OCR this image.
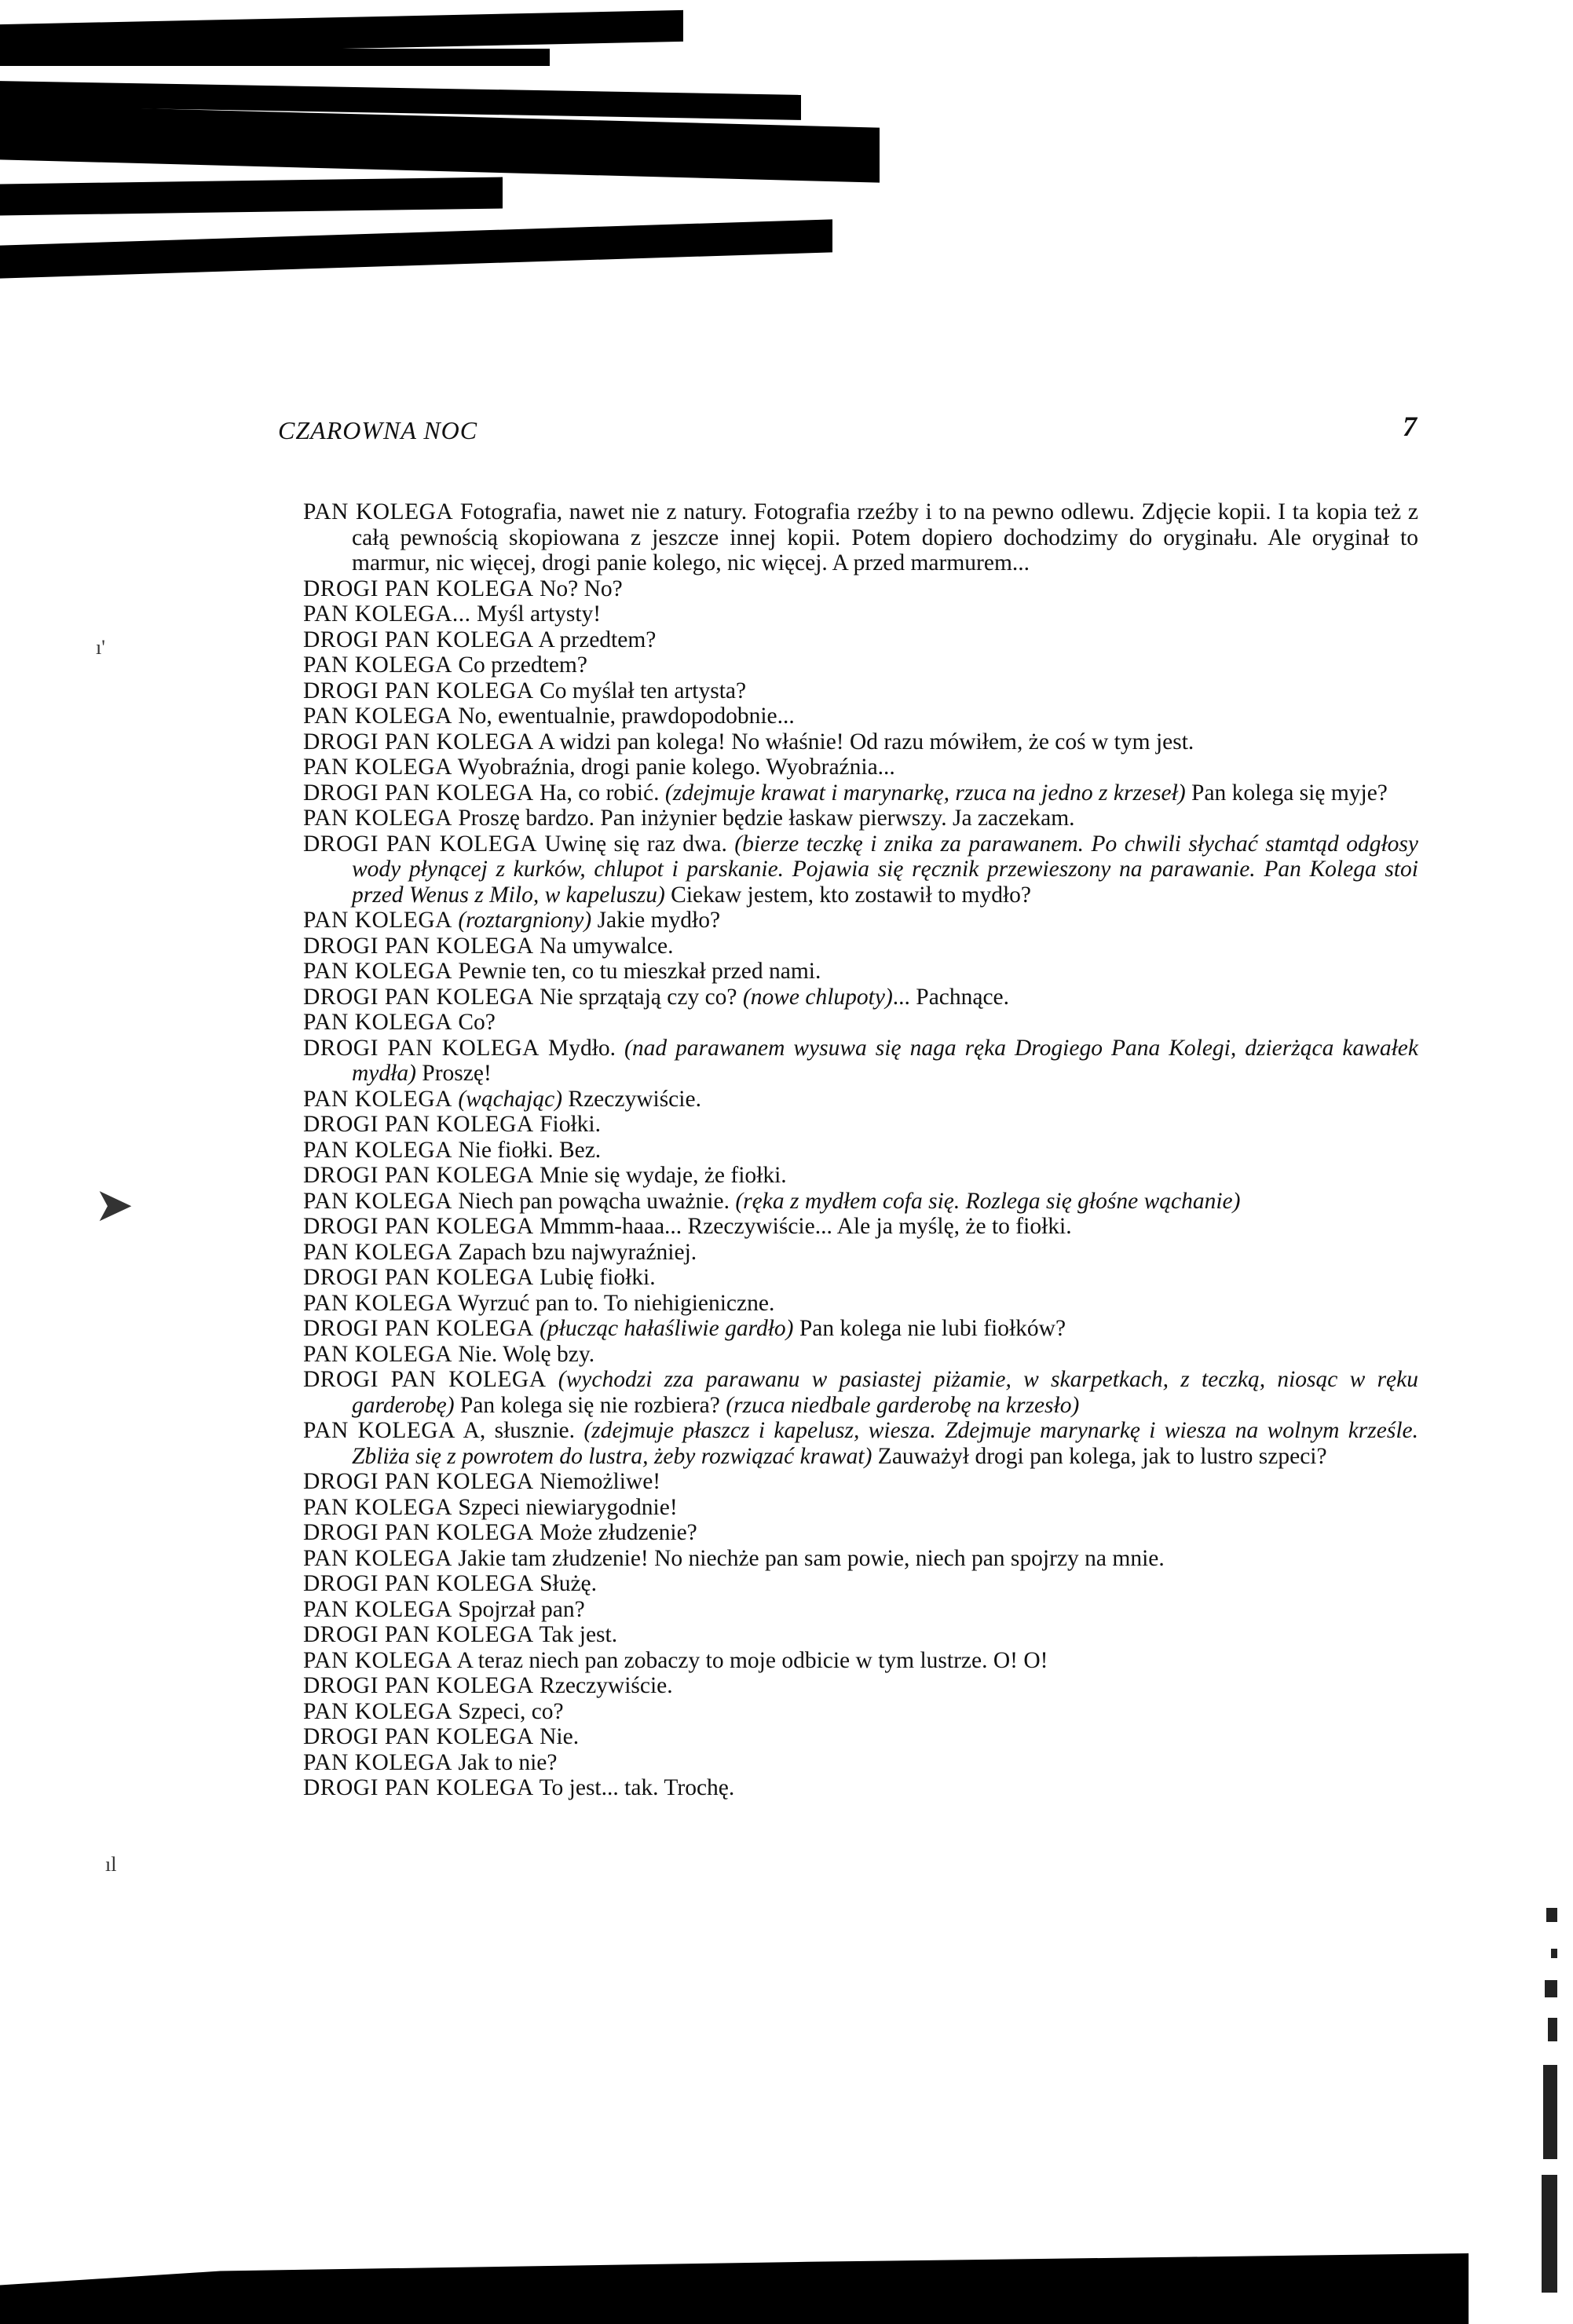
➤
ı'
ıl
CZAROWNA NOC	7

PAN KOLEGA Fotografia, nawet nie z natury. Fotografia rzeźby i to na pewno odlewu. Zdjęcie kopii. I ta kopia też z całą pewnością skopiowana z jeszcze innej kopii. Potem dopiero dochodzimy do oryginału. Ale oryginał to marmur, nic więcej, drogi panie kolego, nic więcej. A przed marmurem...

DROGI PAN KOLEGA No? No?

PAN KOLEGA... Myśl artysty!

DROGI PAN KOLEGA A przedtem?

PAN KOLEGA Co przedtem?

DROGI PAN KOLEGA Co myślał ten artysta?

PAN KOLEGA No, ewentualnie, prawdopodobnie...

DROGI PAN KOLEGA A widzi pan kolega! No właśnie! Od razu mówiłem, że coś w tym jest.

PAN KOLEGA Wyobraźnia, drogi panie kolego. Wyobraźnia...

DROGI PAN KOLEGA Ha, co robić. (zdejmuje krawat i marynarkę, rzuca na jedno z krzeseł) Pan kolega się myje?

PAN KOLEGA Proszę bardzo. Pan inżynier będzie łaskaw pierwszy. Ja zaczekam.

DROGI PAN KOLEGA Uwinę się raz dwa. (bierze teczkę i znika za parawanem. Po chwili słychać stamtąd odgłosy wody płynącej z kurków, chlupot i parskanie. Pojawia się ręcznik przewieszony na parawanie. Pan Kolega stoi przed Wenus z Milo, w kapeluszu) Ciekaw jestem, kto zostawił to mydło?

PAN KOLEGA (roztargniony) Jakie mydło?

DROGI PAN KOLEGA Na umywalce.

PAN KOLEGA Pewnie ten, co tu mieszkał przed nami.

DROGI PAN KOLEGA Nie sprzątają czy co? (nowe chlupoty)... Pachnące.

PAN KOLEGA Co?

DROGI PAN KOLEGA Mydło. (nad parawanem wysuwa się naga ręka Drogiego Pana Kolegi, dzierżąca kawałek mydła) Proszę!

PAN KOLEGA (wąchając) Rzeczywiście.

DROGI PAN KOLEGA Fiołki.

PAN KOLEGA Nie fiołki. Bez.

DROGI PAN KOLEGA Mnie się wydaje, że fiołki.

PAN KOLEGA Niech pan powącha uważnie. (ręka z mydłem cofa się. Rozlega się głośne wąchanie)

DROGI PAN KOLEGA Mmmm-haaa... Rzeczywiście... Ale ja myślę, że to fiołki.

PAN KOLEGA Zapach bzu najwyraźniej.

DROGI PAN KOLEGA Lubię fiołki.

PAN KOLEGA Wyrzuć pan to. To niehigieniczne.

DROGI PAN KOLEGA (płucząc hałaśliwie gardło) Pan kolega nie lubi fiołków?

PAN KOLEGA Nie. Wolę bzy.

DROGI PAN KOLEGA (wychodzi zza parawanu w pasiastej piżamie, w skarpetkach, z teczką, niosąc w ręku garderobę) Pan kolega się nie rozbiera? (rzuca niedbale garderobę na krzesło)

PAN KOLEGA A, słusznie. (zdejmuje płaszcz i kapelusz, wiesza. Zdejmuje marynarkę i wiesza na wolnym krześle. Zbliża się z powrotem do lustra, żeby rozwiązać krawat) Zauważył drogi pan kolega, jak to lustro szpeci?

DROGI PAN KOLEGA Niemożliwe!

PAN KOLEGA Szpeci niewiarygodnie!

DROGI PAN KOLEGA Może złudzenie?

PAN KOLEGA Jakie tam złudzenie! No niechże pan sam powie, niech pan spojrzy na mnie.

DROGI PAN KOLEGA Służę.

PAN KOLEGA Spojrzał pan?

DROGI PAN KOLEGA Tak jest.

PAN KOLEGA A teraz niech pan zobaczy to moje odbicie w tym lustrze. O! O!

DROGI PAN KOLEGA Rzeczywiście.

PAN KOLEGA Szpeci, co?

DROGI PAN KOLEGA Nie.

PAN KOLEGA Jak to nie?

DROGI PAN KOLEGA To jest... tak. Trochę.
